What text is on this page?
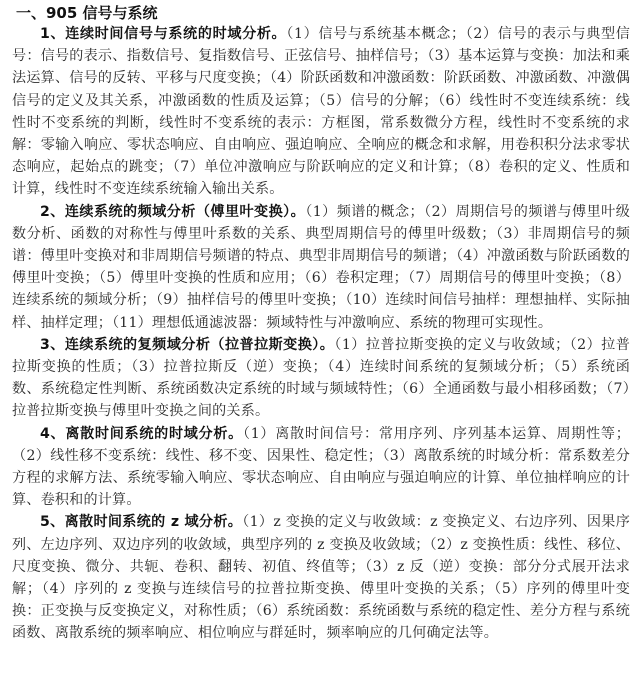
一、905 信号与系统

1、连续时间信号与系统的时域分析。（1）信号与系统基本概念；（2）信号的表示与典型信号：信号的表示、指数信号、复指数信号、正弦信号、抽样信号；（3）基本运算与变换：加法和乘法运算、信号的反转、平移与尺度变换；（4）阶跃函数和冲激函数：阶跃函数、冲激函数、冲激偶信号的定义及其关系，冲激函数的性质及运算；（5）信号的分解；（6）线性时不变连续系统：线性时不变系统的判断，线性时不变系统的表示：方框图，常系数微分方程，线性时不变系统的求解：零输入响应、零状态响应、自由响应、强迫响应、全响应的概念和求解，用卷积积分法求零状态响应，起始点的跳变；（7）单位冲激响应与阶跃响应的定义和计算；（8）卷积的定义、性质和计算，线性时不变连续系统输入输出关系。

2、连续系统的频域分析（傅里叶变换）。（1）频谱的概念；（2）周期信号的频谱与傅里叶级数分析、函数的对称性与傅里叶系数的关系、典型周期信号的傅里叶级数；（3）非周期信号的频谱：傅里叶变换对和非周期信号频谱的特点、典型非周期信号的频谱；（4）冲激函数与阶跃函数的傅里叶变换；（5）傅里叶变换的性质和应用；（6）卷积定理；（7）周期信号的傅里叶变换；（8）连续系统的频域分析；（9）抽样信号的傅里叶变换；（10）连续时间信号抽样：理想抽样、实际抽样、抽样定理；（11）理想低通滤波器：频域特性与冲激响应、系统的物理可实现性。

3、连续系统的复频域分析（拉普拉斯变换）。（1）拉普拉斯变换的定义与收敛域；（2）拉普拉斯变换的性质；（3）拉普拉斯反（逆）变换；（4）连续时间系统的复频域分析；（5）系统函数、系统稳定性判断、系统函数决定系统的时域与频域特性；（6）全通函数与最小相移函数；（7）拉普拉斯变换与傅里叶变换之间的关系。

4、离散时间系统的时域分析。（1）离散时间信号：常用序列、序列基本运算、周期性等；（2）线性移不变系统：线性、移不变、因果性、稳定性；（3）离散系统的时域分析：常系数差分方程的求解方法、系统零输入响应、零状态响应、自由响应与强迫响应的计算、单位抽样响应的计算、卷积和的计算。

5、离散时间系统的 z 域分析。（1）z 变换的定义与收敛域：z 变换定义、右边序列、因果序列、左边序列、双边序列的收敛域，典型序列的 z 变换及收敛域；（2）z 变换性质：线性、移位、尺度变换、微分、共轭、卷积、翻转、初值、终值等；（3）z 反（逆）变换：部分分式展开法求解；（4）序列的 z 变换与连续信号的拉普拉斯变换、傅里叶变换的关系；（5）序列的傅里叶变换：正变换与反变换定义，对称性质；（6）系统函数：系统函数与系统的稳定性、差分方程与系统函数、离散系统的频率响应、相位响应与群延时，频率响应的几何确定法等。
